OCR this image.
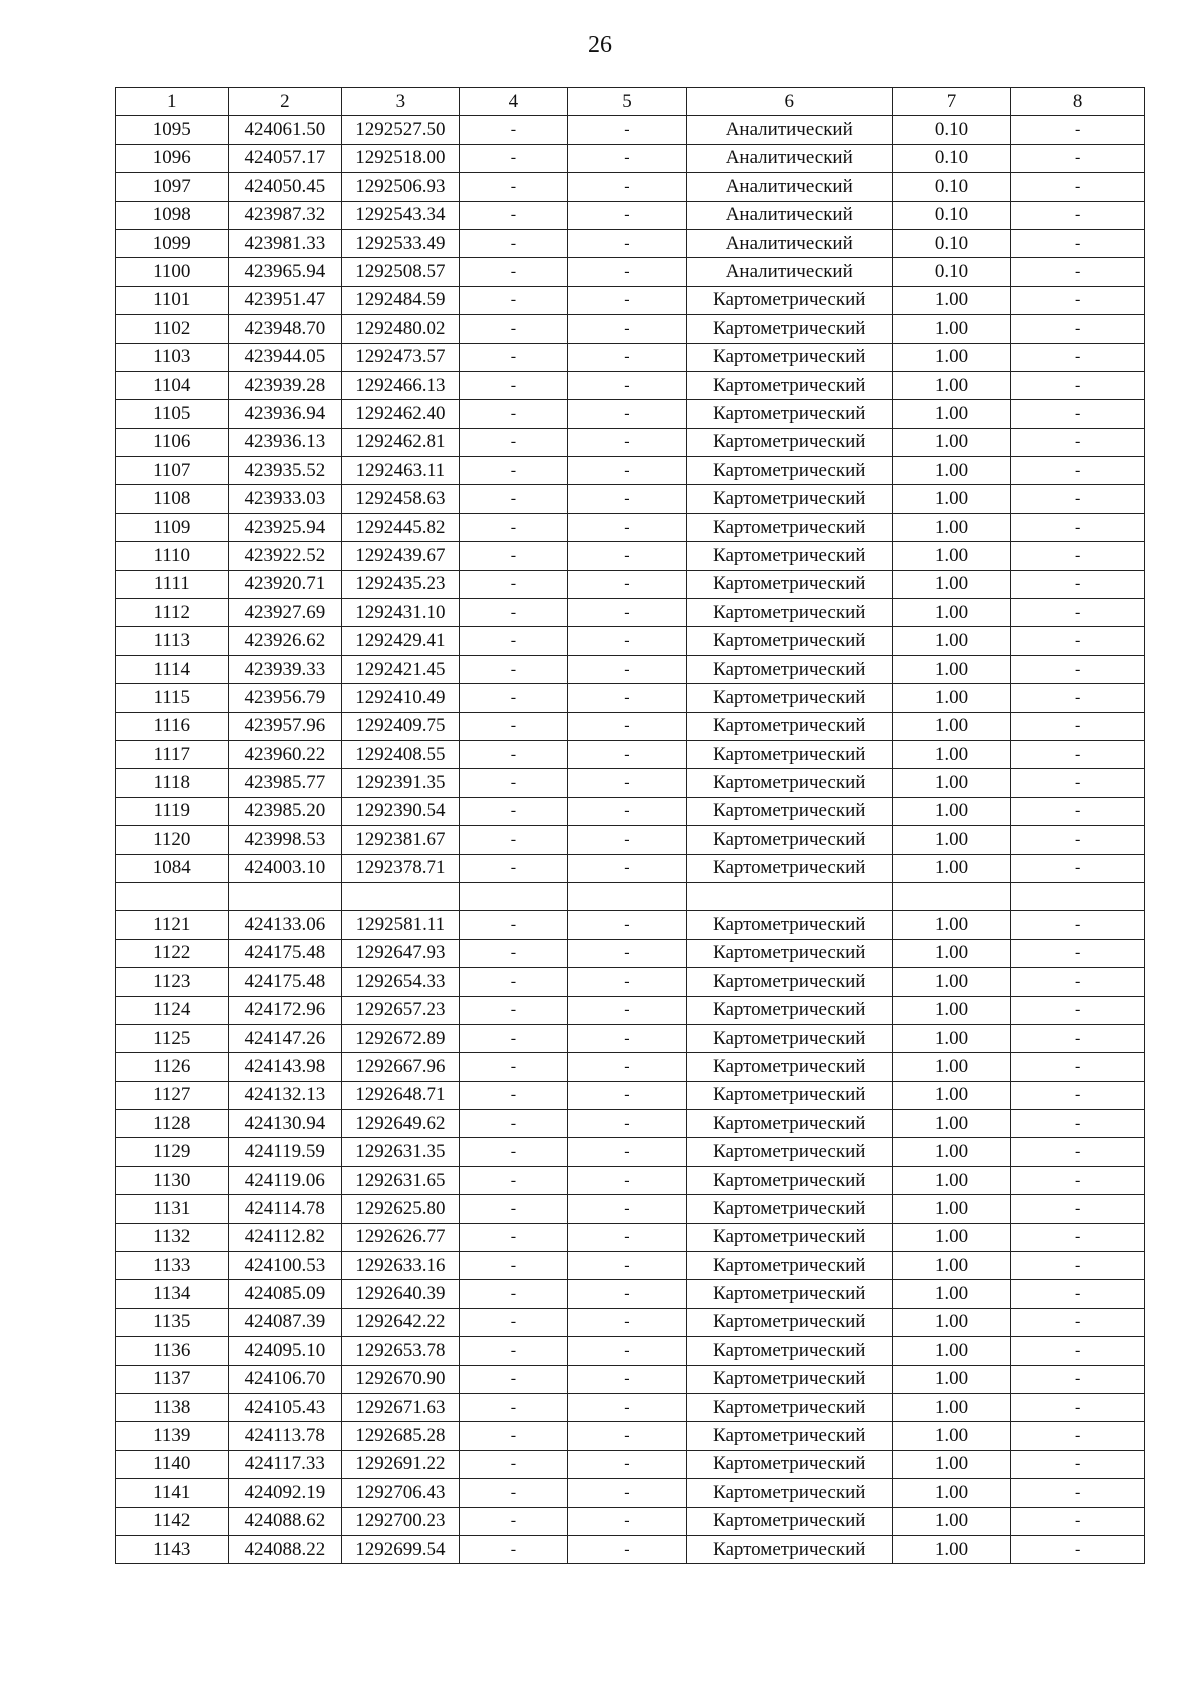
26
1	2	3	4	5	6	7	8
1095	424061.50	1292527.50	-	-	Аналитический	0.10	-
1096	424057.17	1292518.00	-	-	Аналитический	0.10	-
1097	424050.45	1292506.93	-	-	Аналитический	0.10	-
1098	423987.32	1292543.34	-	-	Аналитический	0.10	-
1099	423981.33	1292533.49	-	-	Аналитический	0.10	-
1100	423965.94	1292508.57	-	-	Аналитический	0.10	-
1101	423951.47	1292484.59	-	-	Картометрический	1.00	-
1102	423948.70	1292480.02	-	-	Картометрический	1.00	-
1103	423944.05	1292473.57	-	-	Картометрический	1.00	-
1104	423939.28	1292466.13	-	-	Картометрический	1.00	-
1105	423936.94	1292462.40	-	-	Картометрический	1.00	-
1106	423936.13	1292462.81	-	-	Картометрический	1.00	-
1107	423935.52	1292463.11	-	-	Картометрический	1.00	-
1108	423933.03	1292458.63	-	-	Картометрический	1.00	-
1109	423925.94	1292445.82	-	-	Картометрический	1.00	-
1110	423922.52	1292439.67	-	-	Картометрический	1.00	-
1111	423920.71	1292435.23	-	-	Картометрический	1.00	-
1112	423927.69	1292431.10	-	-	Картометрический	1.00	-
1113	423926.62	1292429.41	-	-	Картометрический	1.00	-
1114	423939.33	1292421.45	-	-	Картометрический	1.00	-
1115	423956.79	1292410.49	-	-	Картометрический	1.00	-
1116	423957.96	1292409.75	-	-	Картометрический	1.00	-
1117	423960.22	1292408.55	-	-	Картометрический	1.00	-
1118	423985.77	1292391.35	-	-	Картометрический	1.00	-
1119	423985.20	1292390.54	-	-	Картометрический	1.00	-
1120	423998.53	1292381.67	-	-	Картометрический	1.00	-
1084	424003.10	1292378.71	-	-	Картометрический	1.00	-

1121	424133.06	1292581.11	-	-	Картометрический	1.00	-
1122	424175.48	1292647.93	-	-	Картометрический	1.00	-
1123	424175.48	1292654.33	-	-	Картометрический	1.00	-
1124	424172.96	1292657.23	-	-	Картометрический	1.00	-
1125	424147.26	1292672.89	-	-	Картометрический	1.00	-
1126	424143.98	1292667.96	-	-	Картометрический	1.00	-
1127	424132.13	1292648.71	-	-	Картометрический	1.00	-
1128	424130.94	1292649.62	-	-	Картометрический	1.00	-
1129	424119.59	1292631.35	-	-	Картометрический	1.00	-
1130	424119.06	1292631.65	-	-	Картометрический	1.00	-
1131	424114.78	1292625.80	-	-	Картометрический	1.00	-
1132	424112.82	1292626.77	-	-	Картометрический	1.00	-
1133	424100.53	1292633.16	-	-	Картометрический	1.00	-
1134	424085.09	1292640.39	-	-	Картометрический	1.00	-
1135	424087.39	1292642.22	-	-	Картометрический	1.00	-
1136	424095.10	1292653.78	-	-	Картометрический	1.00	-
1137	424106.70	1292670.90	-	-	Картометрический	1.00	-
1138	424105.43	1292671.63	-	-	Картометрический	1.00	-
1139	424113.78	1292685.28	-	-	Картометрический	1.00	-
1140	424117.33	1292691.22	-	-	Картометрический	1.00	-
1141	424092.19	1292706.43	-	-	Картометрический	1.00	-
1142	424088.62	1292700.23	-	-	Картометрический	1.00	-
1143	424088.22	1292699.54	-	-	Картометрический	1.00	-
